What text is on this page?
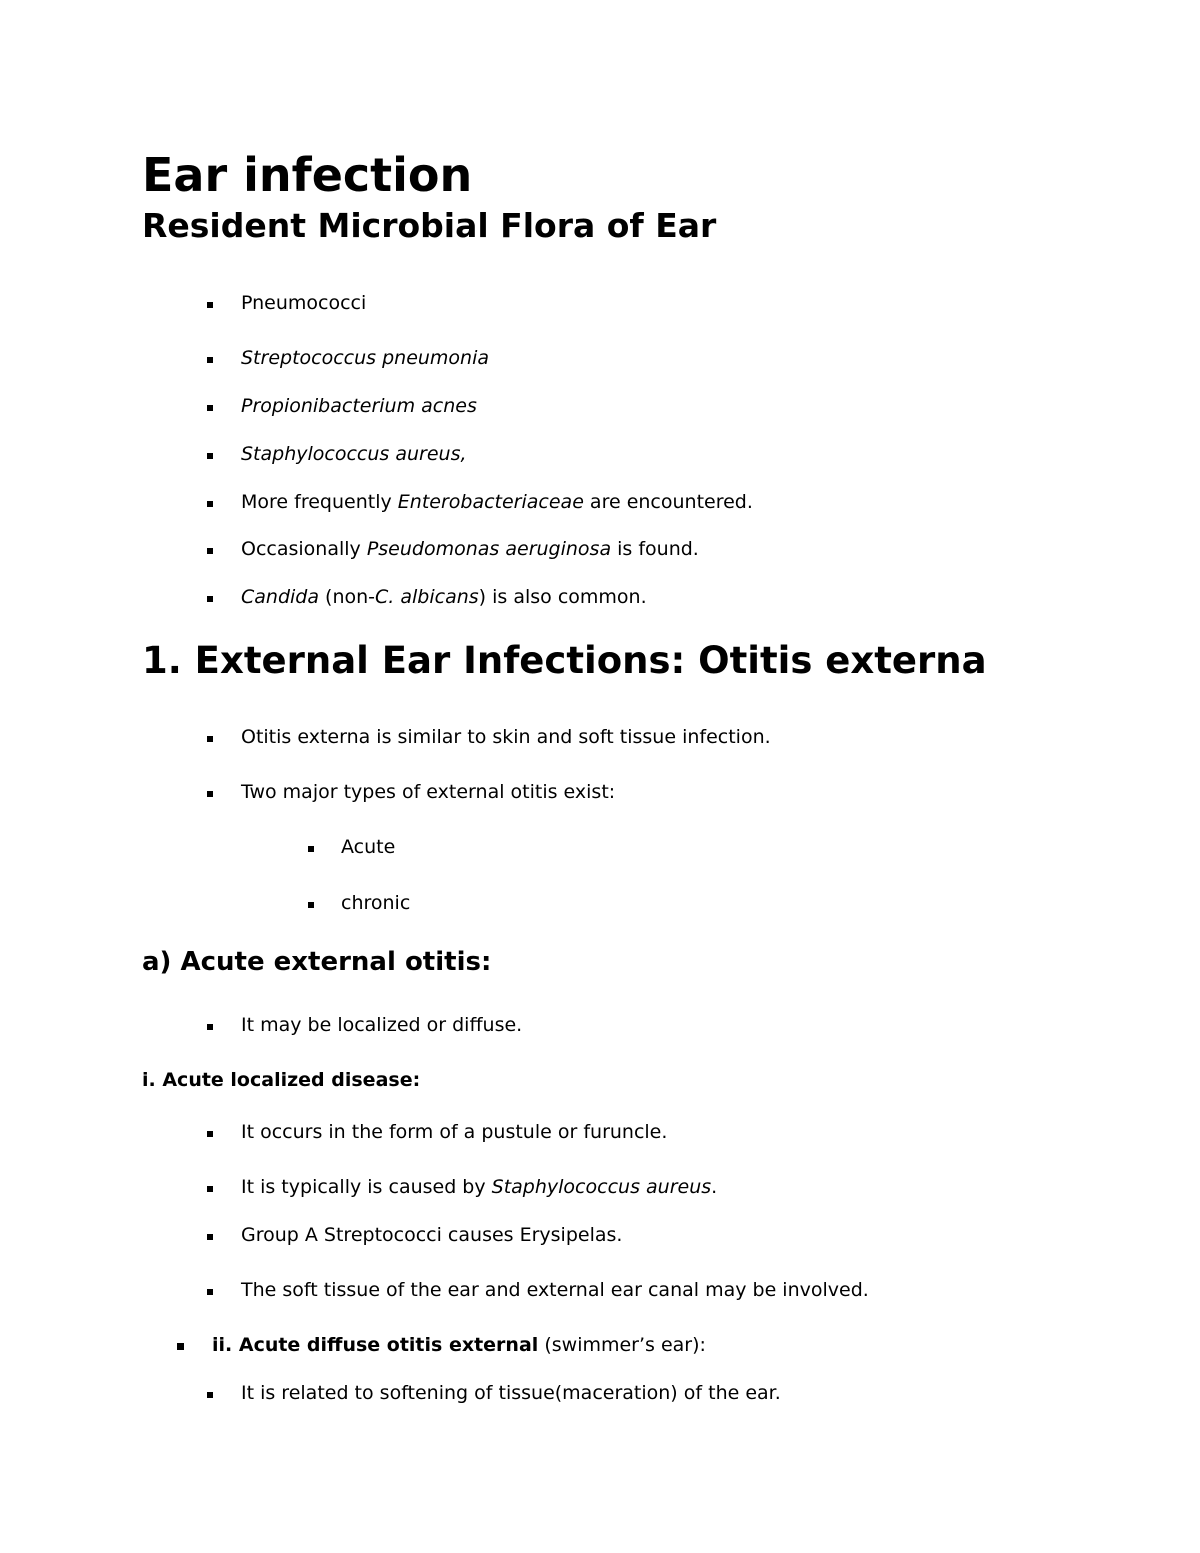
Ear infection
Resident Microbial Flora of Ear
Pneumococci
Streptococcus pneumonia
Propionibacterium acnes
Staphylococcus aureus,
More frequently Enterobacteriaceae are encountered.
Occasionally Pseudomonas aeruginosa is found.
Candida (non-C. albicans) is also common.
1. External Ear Infections: Otitis externa
Otitis externa is similar to skin and soft tissue infection.
Two major types of external otitis exist:
Acute
chronic
a) Acute external otitis:
It may be localized or diffuse.
i. Acute localized disease:
It occurs in the form of a pustule or furuncle.
It is typically is caused by Staphylococcus aureus.
Group A Streptococci causes Erysipelas.
The soft tissue of the ear and external ear canal may be involved.
ii. Acute diffuse otitis external (swimmer’s ear):
It is related to softening of tissue(maceration) of the ear.
